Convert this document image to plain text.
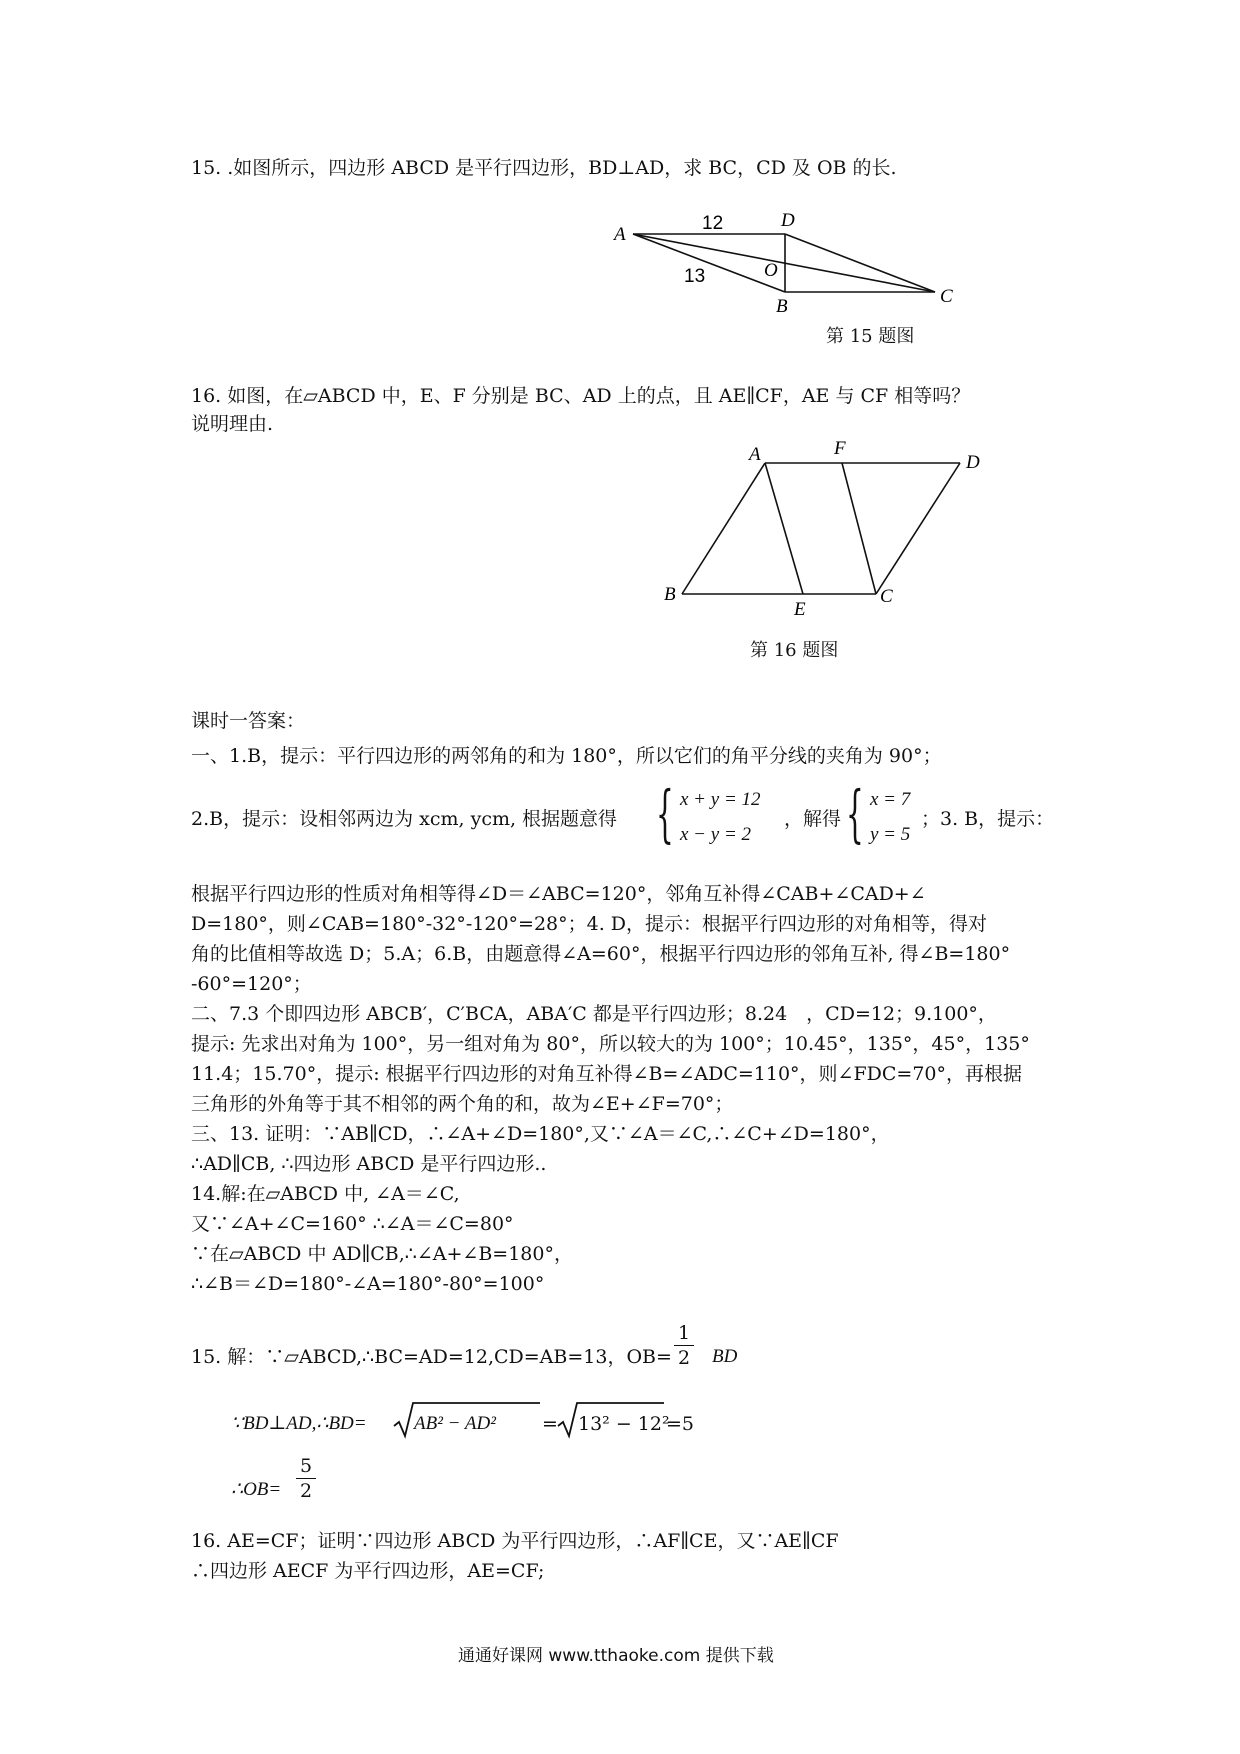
15. .如图所示，四边形 ABCD 是平行四边形，BD⊥AD，求 BC，CD 及 OB 的长.
A
D
B	C
O
12
13
第 15 题图
16. 如图，在▱ABCD 中，E、F 分别是 BC、AD 上的点，且 AE∥CF，AE 与 CF 相等吗？
说明理由.
A	F
D
B
E
C
第 16 题图
课时一答案：
一、1.B，提示：平行四边形的两邻角的和为 180°，所以它们的角平分线的夹角为 90°；
2.B，提示：设相邻两边为 xcm, ycm, 根据题意得 { x + y = 12
x − y = 2
，解得 { x = 7
y = 5
；3. B，提示：
根据平行四边形的性质对角相等得∠D＝∠ABC=120°，邻角互补得∠CAB+∠CAD+∠
D=180°，则∠CAB=180°-32°-120°=28°；4. D，提示：根据平行四边形的对角相等，得对
角的比值相等故选 D；5.A；6.B，由题意得∠A=60°，根据平行四边形的邻角互补, 得∠B=180°
-60°=120°；
二、7.3 个即四边形 ABCB′，C′BCA，ABA′C 都是平行四边形；8.24　，CD=12；9.100°，
提示: 先求出对角为 100°，另一组对角为 80°，所以较大的为 100°；10.45°，135°，45°，135°
11.4；15.70°，提示: 根据平行四边形的对角互补得∠B=∠ADC=110°，则∠FDC=70°，再根据
三角形的外角等于其不相邻的两个角的和，故为∠E+∠F=70°；
三、13. 证明：∵AB∥CD，∴∠A+∠D=180°,又∵∠A＝∠C,∴∠C+∠D=180°，
∴AD∥CB, ∴四边形 ABCD 是平行四边形..
14.解:在▱ABCD 中, ∠A＝∠C,
又∵∠A+∠C=160° ∴∠A＝∠C=80°
∵在▱ABCD 中 AD∥CB,∴∠A+∠B=180°，
∴∠B＝∠D=180°-∠A=180°-80°=100°
15. 解：∵▱ABCD,∴BC=AD=12,CD=AB=13，OB=
1
2 BD
∵BD⊥AD,∴BD= AB² − AD² = 13² − 12²
=5
∴OB=
5
2
16. AE=CF；证明∵四边形 ABCD 为平行四边形，∴AF∥CE，又∵AE∥CF
∴四边形 AECF 为平行四边形，AE=CF;
通通好课网 www.tthaoke.com 提供下载
